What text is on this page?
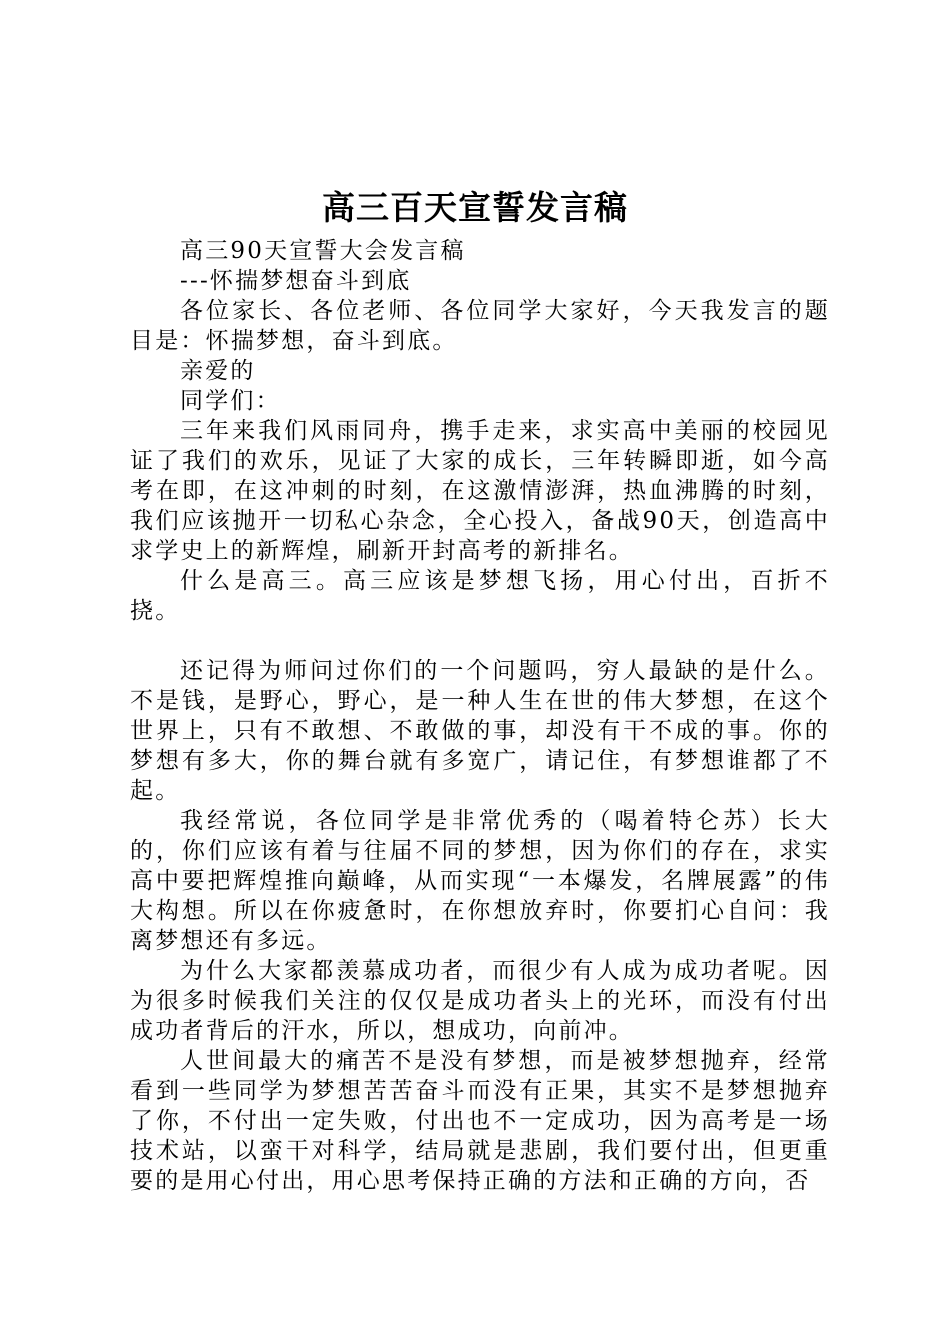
高三百天宣誓发言稿

高三90天宣誓大会发言稿

---怀揣梦想奋斗到底

各位家长、各位老师、各位同学大家好，今天我发言的题目是：怀揣梦想，奋斗到底。

亲爱的

同学们：

三年来我们风雨同舟，携手走来，求实高中美丽的校园见证了我们的欢乐，见证了大家的成长，三年转瞬即逝，如今高考在即，在这冲刺的时刻，在这激情澎湃，热血沸腾的时刻，我们应该抛开一切私心杂念，全心投入，备战90天，创造高中求学史上的新辉煌，刷新开封高考的新排名。

什么是高三。高三应该是梦想飞扬，用心付出，百折不挠。

还记得为师问过你们的一个问题吗，穷人最缺的是什么。不是钱，是野心，野心，是一种人生在世的伟大梦想，在这个世界上，只有不敢想、不敢做的事，却没有干不成的事。你的梦想有多大，你的舞台就有多宽广，请记住，有梦想谁都了不起。

我经常说，各位同学是非常优秀的（喝着特仑苏）长大的，你们应该有着与往届不同的梦想，因为你们的存在，求实高中要把辉煌推向巅峰，从而实现“一本爆发，名牌展露”的伟大构想。所以在你疲惫时，在你想放弃时，你要扪心自问：我离梦想还有多远。

为什么大家都羡慕成功者，而很少有人成为成功者呢。因为很多时候我们关注的仅仅是成功者头上的光环，而没有付出成功者背后的汗水，所以，想成功，向前冲。

人世间最大的痛苦不是没有梦想，而是被梦想抛弃，经常看到一些同学为梦想苦苦奋斗而没有正果，其实不是梦想抛弃了你，不付出一定失败，付出也不一定成功，因为高考是一场技术站，以蛮干对科学，结局就是悲剧，我们要付出，但更重要的是用心付出，用心思考保持正确的方法和正确的方向，否
